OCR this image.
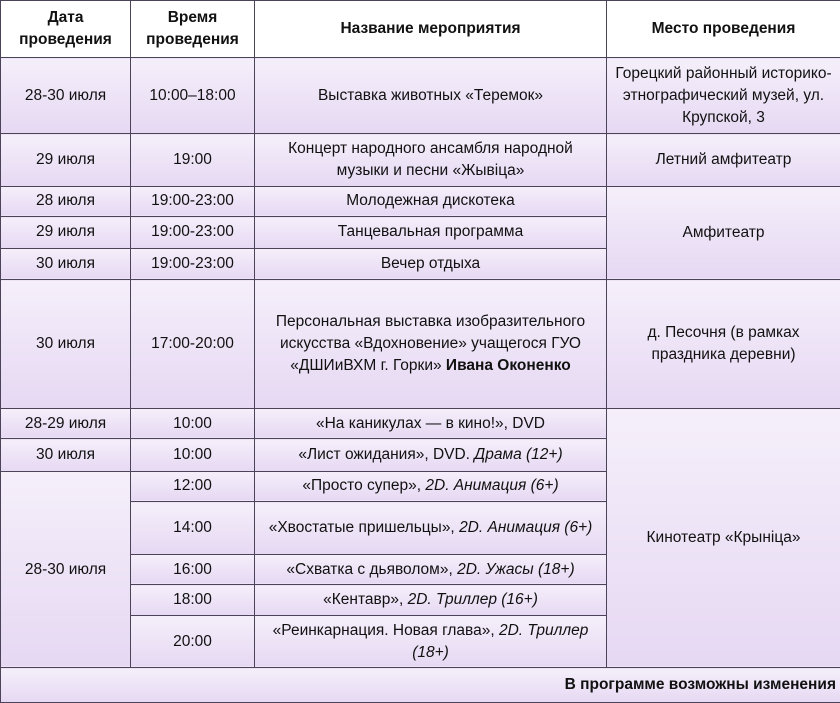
Дата проведения	Время проведения	Название мероприятия	Место проведения
28-30 июля	10:00–18:00	Выставка животных «Теремок»	Горецкий районный историко-этнографический музей, ул. Крупской, 3
29 июля	19:00	Концерт народного ансамбля народной музыки и песни «Жывіца»	Летний амфитеатр
28 июля	19:00-23:00	Молодежная дискотека	Амфитеатр
29 июля	19:00-23:00	Танцевальная программа	
30 июля	19:00-23:00	Вечер отдыха	
30 июля	17:00-20:00	Персональная выставка изобразительного искусства «Вдохновение» учащегося ГУО «ДШИиВХМ г. Горки» Ивана Оконенко	д. Песочня (в рамках праздника деревни)
28-29 июля	10:00	«На каникулах — в кино!», DVD	Кинотеатр «Крыніца»
30 июля	10:00	«Лист ожидания», DVD. Драма (12+)	
28-30 июля	12:00	«Просто супер», 2D. Анимация (6+)	
	14:00	«Хвостатые пришельцы», 2D. Анимация (6+)	
	16:00	«Схватка с дьяволом», 2D. Ужасы (18+)	
	18:00	«Кентавр», 2D. Триллер (16+)	
	20:00	«Реинкарнация. Новая глава», 2D. Триллер (18+)	
В программе возможны изменения			
